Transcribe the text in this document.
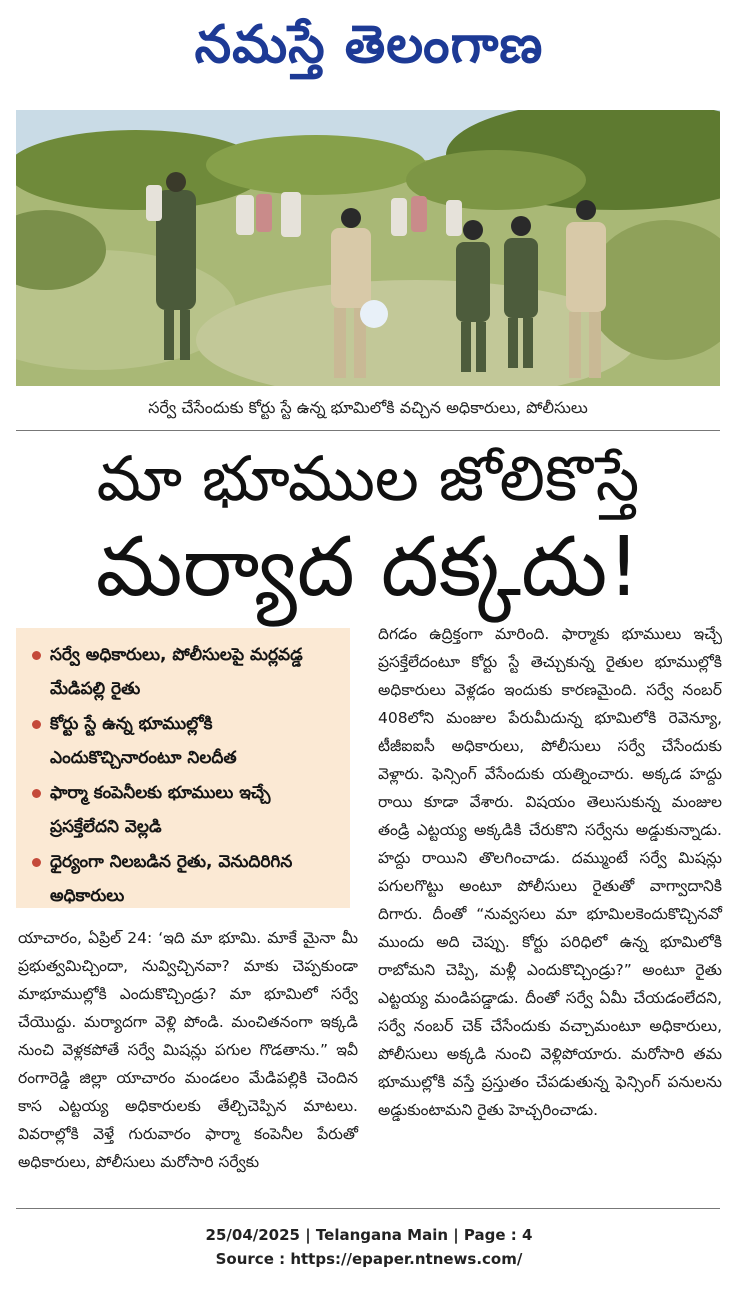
నమస్తే తెలంగాణ
సర్వే చేసేందుకు కోర్టు స్టే ఉన్న భూమిలోకి వచ్చిన అధికారులు, పోలీసులు
మా భూముల జోలికొస్తే
మర్యాద దక్కదు!
సర్వే అధికారులు, పోలీసులపై మర్లవడ్డ మేడిపల్లి రైతు
కోర్టు స్టే ఉన్న భూముల్లోకి ఎందుకొచ్చినారంటూ నిలదీత
ఫార్మా కంపెనీలకు భూములు ఇచ్చే ప్రసక్తేలేదని వెల్లడి
ధైర్యంగా నిలబడిన రైతు, వెనుదిరిగిన అధికారులు

దిగడం ఉద్రిక్తంగా మారింది. ఫార్మాకు భూములు ఇచ్చే ప్రసక్తేలేదంటూ కోర్టు స్టే తెచ్చుకున్న రైతుల భూముల్లోకి అధికారులు వెళ్లడం ఇందుకు కారణమైంది. సర్వే నంబర్ 408లోని మంజుల పేరుమీదున్న భూమిలోకి రెవెన్యూ, టీజీఐఐసీ అధికారులు, పోలీసులు సర్వే చేసేందుకు వెళ్లారు. ఫెన్సింగ్ వేసేందుకు యత్నించారు. అక్కడ హద్దు రాయి కూడా వేశారు. విషయం తెలుసుకున్న మంజుల తండ్రి ఎట్టయ్య అక్కడికి చేరుకొని సర్వేను అడ్డుకున్నాడు. హద్దు రాయిని తొలగించాడు. దమ్ముంటే సర్వే మిషన్లు పగులగొట్టు అంటూ పోలీసులు రైతుతో వాగ్వాదానికి దిగారు. దీంతో “నువ్వసలు మా భూమిలకెందుకొచ్చినవో ముందు అది చెప్పు. కోర్టు పరిధిలో ఉన్న భూమిలోకి రాబోమని చెప్పి, మళ్లీ ఎందుకొచ్చిండ్రు?” అంటూ రైతు ఎట్టయ్య మండిపడ్డాడు. దీంతో సర్వే ఏమీ చేయడంలేదని, సర్వే నంబర్ చెక్ చేసేందుకు వచ్చామంటూ అధికారులు, పోలీసులు అక్కడి నుంచి వెళ్లిపోయారు. మరోసారి తమ భూముల్లోకి వస్తే ప్రస్తుతం చేపడుతున్న ఫెన్సింగ్ పనులను అడ్డుకుంటామని రైతు హెచ్చరించాడు.

యాచారం, ఏప్రిల్ 24: ‘ఇది మా భూమి. మాకే మైనా మీ ప్రభుత్వమిచ్చిందా, నువ్విచ్చినవా? మాకు చెప్పకుండా మాభూముల్లోకి ఎందుకొచ్చిండ్రు? మా భూమిలో సర్వే చేయొద్దు. మర్యాదగా వెళ్లి పోండి. మంచితనంగా ఇక్కడి నుంచి వెళ్లకపోతే సర్వే మిషన్లు పగుల గొడతాను.” ఇవీ రంగారెడ్డి జిల్లా యాచారం మండలం మేడిపల్లికి చెందిన కాస ఎట్టయ్య అధికారులకు తేల్చిచెప్పిన మాటలు. వివరాల్లోకి వెళ్తే గురువారం ఫార్మా కంపెనీల పేరుతో అధికారులు, పోలీసులు మరోసారి సర్వేకు

25/04/2025 | Telangana Main | Page : 4
Source : https://epaper.ntnews.com/
